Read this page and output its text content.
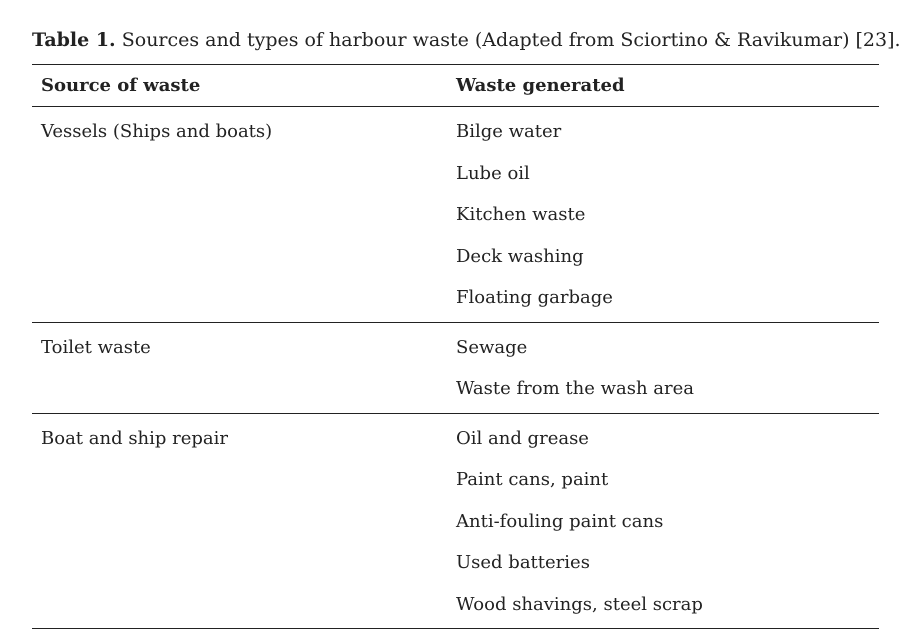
Table 1. Sources and types of harbour waste (Adapted from Sciortino & Ravikumar) [23].
Source of waste	Waste generated
Vessels (Ships and boats)	Bilge water
Lube oil
Kitchen waste
Deck washing
Floating garbage
Toilet waste	Sewage
Waste from the wash area
Boat and ship repair	Oil and grease
Paint cans, paint
Anti-fouling paint cans
Used batteries
Wood shavings, steel scrap
